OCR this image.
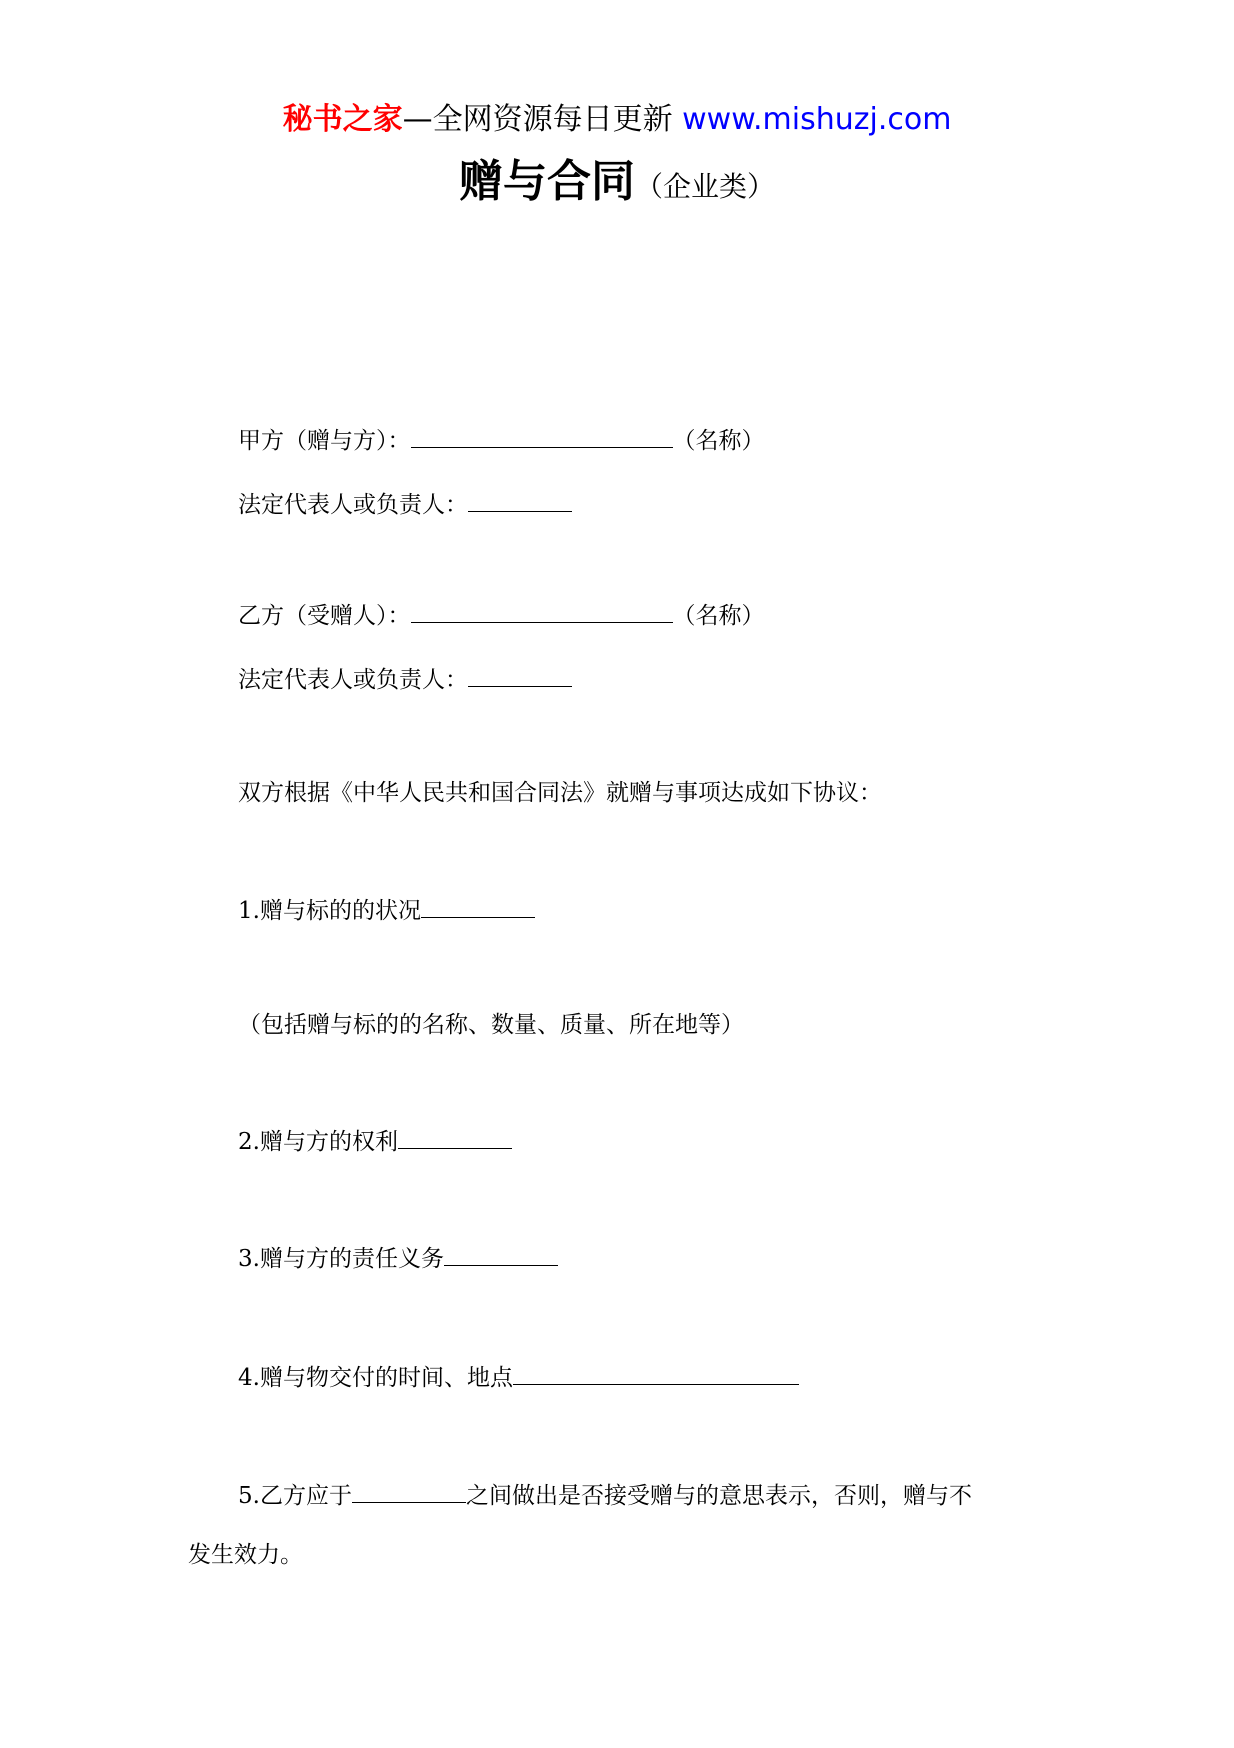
秘书之家—全网资源每日更新 www.mishuzj.com
赠与合同（企业类）
甲方（赠与方）：	（名称）
法定代表人或负责人：
乙方（受赠人）：	（名称）
法定代表人或负责人：
双方根据《中华人民共和国合同法》就赠与事项达成如下协议：
1.赠与标的的状况
（包括赠与标的的名称、数量、质量、所在地等）
2.赠与方的权利
3.赠与方的责任义务
4.赠与物交付的时间、地点
5.乙方应于	之间做出是否接受赠与的意思表示，否则，赠与不
发生效力。
